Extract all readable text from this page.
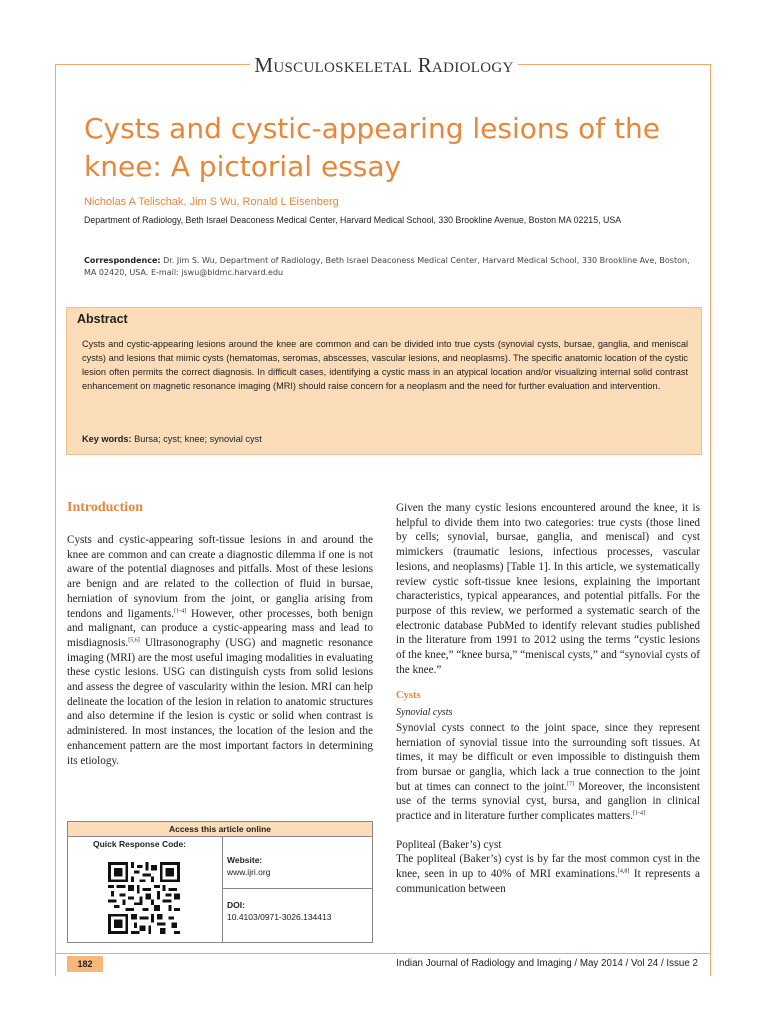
Musculoskeletal Radiology
Cysts and cystic-appearing lesions of the knee: A pictorial essay
Nicholas A Telischak, Jim S Wu, Ronald L Eisenberg
Department of Radiology, Beth Israel Deaconess Medical Center, Harvard Medical School, 330 Brookline Avenue, Boston MA 02215, USA
Correspondence: Dr. Jim S. Wu, Department of Radiology, Beth Israel Deaconess Medical Center, Harvard Medical School, 330 Brookline Ave, Boston, MA 02420, USA. E-mail: jswu@bidmc.harvard.edu
Abstract
Cysts and cystic-appearing lesions around the knee are common and can be divided into true cysts (synovial cysts, bursae, ganglia, and meniscal cysts) and lesions that mimic cysts (hematomas, seromas, abscesses, vascular lesions, and neoplasms). The specific anatomic location of the cystic lesion often permits the correct diagnosis. In difficult cases, identifying a cystic mass in an atypical location and/or visualizing internal solid contrast enhancement on magnetic resonance imaging (MRI) should raise concern for a neoplasm and the need for further evaluation and intervention.
Key words: Bursa; cyst; knee; synovial cyst
Introduction

Cysts and cystic-appearing soft-tissue lesions in and around the knee are common and can create a diagnostic dilemma if one is not aware of the potential diagnoses and pitfalls. Most of these lesions are benign and are related to the collection of fluid in bursae, herniation of synovium from the joint, or ganglia arising from tendons and ligaments.[1-4] However, other processes, both benign and malignant, can produce a cystic-appearing mass and lead to misdiagnosis.[5,6] Ultrasonography (USG) and magnetic resonance imaging (MRI) are the most useful imaging modalities in evaluating these cystic lesions. USG can distinguish cysts from solid lesions and assess the degree of vascularity within the lesion. MRI can help delineate the location of the lesion in relation to anatomic structures and also determine if the lesion is cystic or solid when contrast is administered. In most instances, the location of the lesion and the enhancement pattern are the most important factors in determining its etiology.

Given the many cystic lesions encountered around the knee, it is helpful to divide them into two categories: true cysts (those lined by cells; synovial, bursae, ganglia, and meniscal) and cyst mimickers (traumatic lesions, infectious processes, vascular lesions, and neoplasms) [Table 1]. In this article, we systematically review cystic soft-tissue knee lesions, explaining the important characteristics, typical appearances, and potential pitfalls. For the purpose of this review, we performed a systematic search of the electronic database PubMed to identify relevant studies published in the literature from 1991 to 2012 using the terms “cystic lesions of the knee,” “knee bursa,” “meniscal cysts,” and “synovial cysts of the knee.”

Cysts

Synovial cysts

Synovial cysts connect to the joint space, since they represent herniation of synovial tissue into the surrounding soft tissues. At times, it may be difficult or even impossible to distinguish them from bursae or ganglia, which lack a true connection to the joint but at times can connect to the joint.[7] Moreover, the inconsistent use of the terms synovial cyst, bursa, and ganglion in clinical practice and in literature further complicates matters.[1-4]

Popliteal (Baker’s) cyst

The popliteal (Baker’s) cyst is by far the most common cyst in the knee, seen in up to 40% of MRI examinations.[4,8] It represents a communication between

Access this article online
Quick Response Code:
Website:
www.ijri.org
DOI:
10.4103/0971-3026.134413
182	Indian Journal of Radiology and Imaging / May 2014 / Vol 24 / Issue 2
